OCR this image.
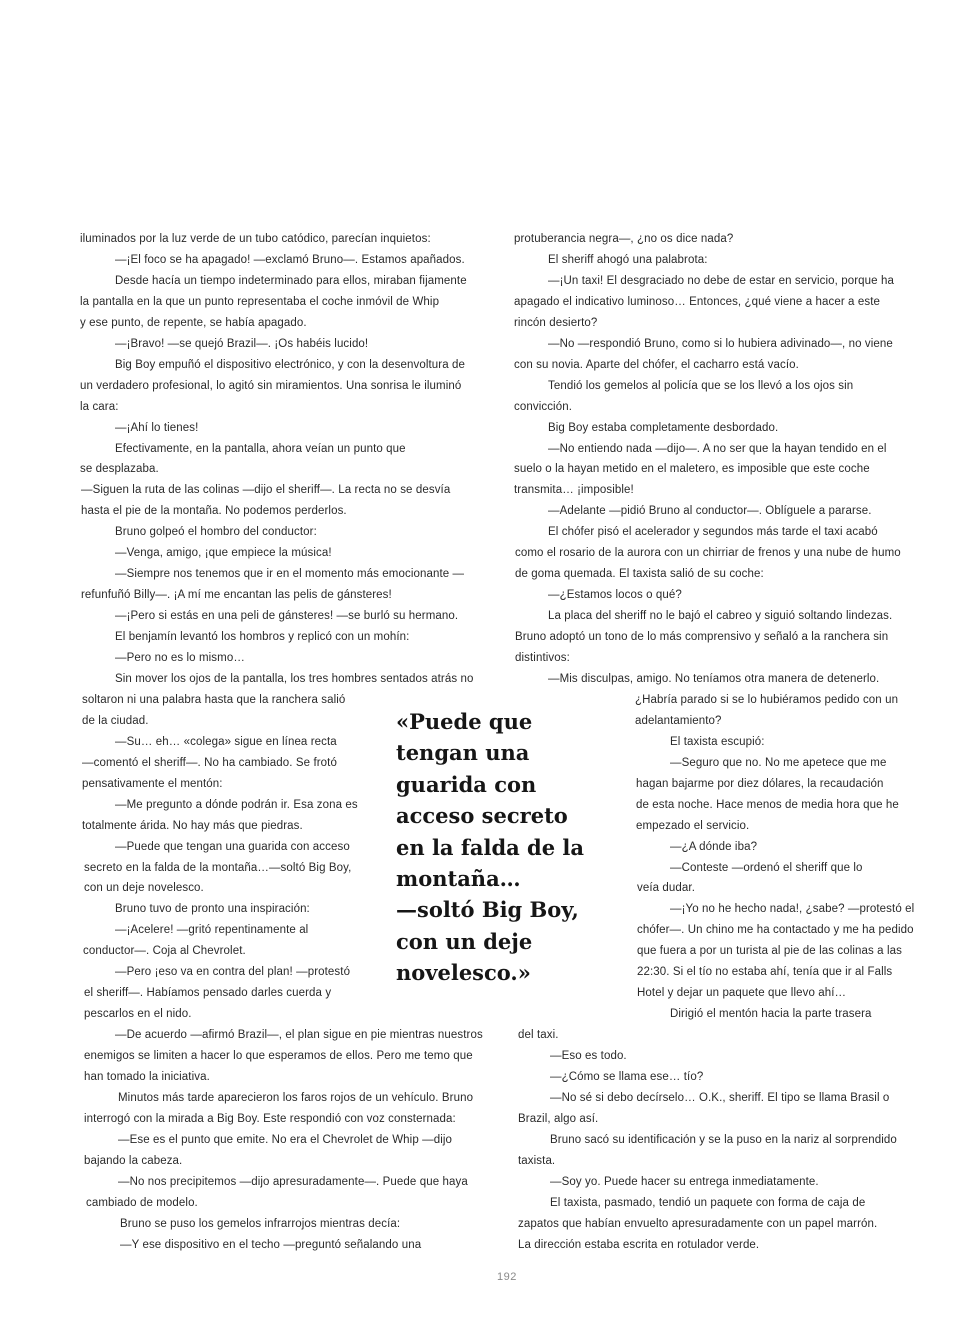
iluminados por la luz verde de un tubo catódico, parecían inquietos:
—¡El foco se ha apagado! —exclamó Bruno—. Estamos apañados.
Desde hacía un tiempo indeterminado para ellos, miraban fijamente
la pantalla en la que un punto representaba el coche inmóvil de Whip
y ese punto, de repente, se había apagado.
—¡Bravo! —se quejó Brazil—. ¡Os habéis lucido!
Big Boy empuñó el dispositivo electrónico, y con la desenvoltura de
un verdadero profesional, lo agitó sin miramientos. Una sonrisa le iluminó
la cara:
—¡Ahí lo tienes!
Efectivamente, en la pantalla, ahora veían un punto que
se desplazaba.
—Siguen la ruta de las colinas —dijo el sheriff—. La recta no se desvía
hasta el pie de la montaña. No podemos perderlos.
Bruno golpeó el hombro del conductor:
—Venga, amigo, ¡que empiece la música!
—Siempre nos tenemos que ir en el momento más emocionante —
refunfuñó Billy—. ¡A mí me encantan las pelis de gánsteres!
—¡Pero si estás en una peli de gánsteres! —se burló su hermano.
El benjamín levantó los hombros y replicó con un mohín:
—Pero no es lo mismo…
Sin mover los ojos de la pantalla, los tres hombres sentados atrás no
soltaron ni una palabra hasta que la ranchera salió
de la ciudad.
—Su… eh… «colega» sigue en línea recta
—comentó el sheriff—. No ha cambiado. Se frotó
pensativamente el mentón:
—Me pregunto a dónde podrán ir. Esa zona es
totalmente árida. No hay más que piedras.
—Puede que tengan una guarida con acceso
secreto en la falda de la montaña…—soltó Big Boy,
con un deje novelesco.
Bruno tuvo de pronto una inspiración:
—¡Acelere! —gritó repentinamente al
conductor—. Coja al Chevrolet.
—Pero ¡eso va en contra del plan! —protestó
el sheriff—. Habíamos pensado darles cuerda y
pescarlos en el nido.
—De acuerdo —afirmó Brazil—, el plan sigue en pie mientras nuestros
enemigos se limiten a hacer lo que esperamos de ellos. Pero me temo que
han tomado la iniciativa.
Minutos más tarde aparecieron los faros rojos de un vehículo. Bruno
interrogó con la mirada a Big Boy. Este respondió con voz consternada:
—Ese es el punto que emite. No era el Chevrolet de Whip —dijo
bajando la cabeza.
—No nos precipitemos —dijo apresuradamente—. Puede que haya
cambiado de modelo.
Bruno se puso los gemelos infrarrojos mientras decía:
—Y ese dispositivo en el techo —preguntó señalando una
protuberancia negra—, ¿no os dice nada?
El sheriff ahogó una palabrota:
—¡Un taxi! El desgraciado no debe de estar en servicio, porque ha
apagado el indicativo luminoso… Entonces, ¿qué viene a hacer a este
rincón desierto?
—No —respondió Bruno, como si lo hubiera adivinado—, no viene
con su novia. Aparte del chófer, el cacharro está vacío.
Tendió los gemelos al policía que se los llevó a los ojos sin
convicción.
Big Boy estaba completamente desbordado.
—No entiendo nada —dijo—. A no ser que la hayan tendido en el
suelo o la hayan metido en el maletero, es imposible que este coche
transmita… ¡imposible!
—Adelante —pidió Bruno al conductor—. Oblíguele a pararse.
El chófer pisó el acelerador y segundos más tarde el taxi acabó
como el rosario de la aurora con un chirriar de frenos y una nube de humo
de goma quemada. El taxista salió de su coche:
—¿Estamos locos o qué?
La placa del sheriff no le bajó el cabreo y siguió soltando lindezas.
Bruno adoptó un tono de lo más comprensivo y señaló a la ranchera sin
distintivos:
—Mis disculpas, amigo. No teníamos otra manera de detenerlo.
¿Habría parado si se lo hubiéramos pedido con un
adelantamiento?
El taxista escupió:
—Seguro que no. No me apetece que me
hagan bajarme por diez dólares, la recaudación
de esta noche. Hace menos de media hora que he
empezado el servicio.
—¿A dónde iba?
—Conteste —ordenó el sheriff que lo
veía dudar.
—¡Yo no he hecho nada!, ¿sabe? —protestó el
chófer—. Un chino me ha contactado y me ha pedido
que fuera a por un turista al pie de las colinas a las
22:30. Si el tío no estaba ahí, tenía que ir al Falls
Hotel y dejar un paquete que llevo ahí…
Dirigió el mentón hacia la parte trasera
del taxi.
—Eso es todo.
—¿Cómo se llama ese… tío?
—No sé si debo decírselo… O.K., sheriff. El tipo se llama Brasil o
Brazil, algo así.
Bruno sacó su identificación y se la puso en la nariz al sorprendido
taxista.
—Soy yo. Puede hacer su entrega inmediatamente.
El taxista, pasmado, tendió un paquete con forma de caja de
zapatos que habían envuelto apresuradamente con un papel marrón.
La dirección estaba escrita en rotulador verde.
«Puede que
tengan una
guarida con
acceso secreto
en la falda de la
montaña…
—soltó Big Boy,
con un deje
novelesco.»
192
